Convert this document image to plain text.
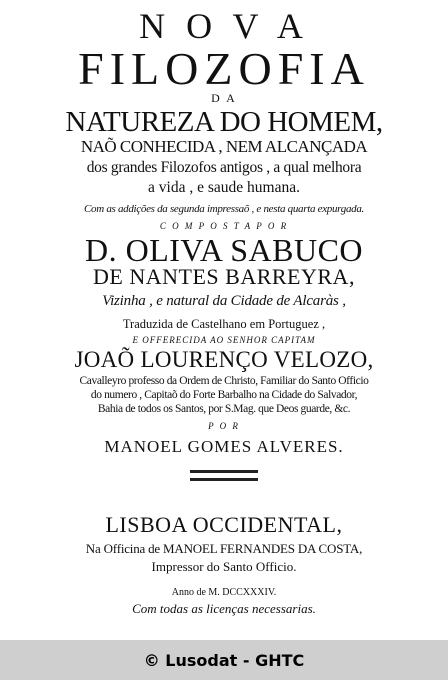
N O V A
FILOZOFIA
D A
NATUREZA DO HOMEM,
NAÕ CONHECIDA , NEM ALCANÇADA
dos grandes Filozofos antigos , a qual melhora
a vida , e saude humana.
Com as addições da segunda impressaõ , e nesta quarta expurgada.
C O M P O S T A P O R
D. OLIVA SABUCO
DE NANTES BARREYRA,
Vizinha , e natural da Cidade de Alcaràs ,
Traduzida de Castelhano em Portuguez ,
E OFFERECIDA AO SENHOR CAPITAM
JOAÕ LOURENÇO VELOZO,
Cavalleyro professo da Ordem de Christo, Familiar do Santo Officio
do numero , Capitaõ do Forte Barbalho na Cidade do Salvador,
Bahia de todos os Santos, por S.Mag. que Deos guarde, &c.
P O R
MANOEL GOMES ALVERES.
LISBOA OCCIDENTAL,
Na Officina de MANOEL FERNANDES DA COSTA,
Impressor do Santo Officio.
Anno de M. DCCXXXIV.
Com todas as licenças necessarias.
© Lusodat - GHTC
